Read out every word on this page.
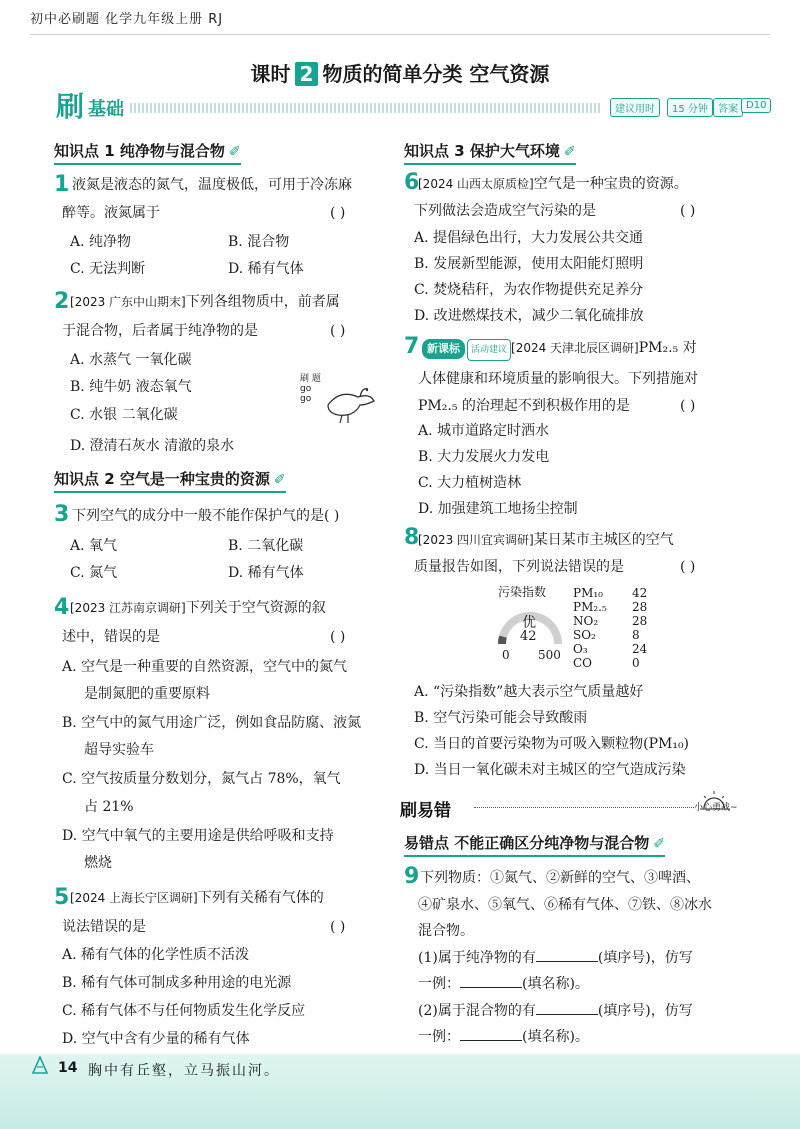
初中必刷题 化学九年级上册 RJ
课时 2 物质的简单分类 空气资源
刷 基础	建议用时	15 分钟	答案 D10
知识点 1 纯净物与混合物 ✐
1 液氮是液态的氮气，温度极低，可用于冷冻麻
醉等。液氮属于	( )
A. 纯净物	B. 混合物
C. 无法判断	D. 稀有气体
2 [2023 广东中山期末]下列各组物质中，前者属
于混合物，后者属于纯净物的是	( )
A. 水蒸气 一氧化碳
B. 纯牛奶 液态氧气
C. 水银 二氧化碳
D. 澄清石灰水 清澈的泉水
刷 题 go go
知识点 2 空气是一种宝贵的资源 ✐
3 下列空气的成分中一般不能作保护气的是( )
A. 氧气	B. 二氧化碳
C. 氮气	D. 稀有气体
4 [2023 江苏南京调研]下列关于空气资源的叙
述中，错误的是	( )
A. 空气是一种重要的自然资源，空气中的氮气
是制氮肥的重要原料
B. 空气中的氮气用途广泛，例如食品防腐、液氮
超导实验车
C. 空气按质量分数划分，氮气占 78%，氧气
占 21%
D. 空气中氧气的主要用途是供给呼吸和支持
燃烧
5 [2024 上海长宁区调研]下列有关稀有气体的
说法错误的是	( )
A. 稀有气体的化学性质不活泼
B. 稀有气体可制成多种用途的电光源
C. 稀有气体不与任何物质发生化学反应
D. 空气中含有少量的稀有气体
知识点 3 保护大气环境 ✐
6
[2024 山西太原质检]空气是一种宝贵的资源。
下列做法会造成空气污染的是	( )
A. 提倡绿色出行，大力发展公共交通
B. 发展新型能源，使用太阳能灯照明
C. 焚烧秸秆，为农作物提供充足养分
D. 改进燃煤技术，减少二氧化硫排放
7 新课标 活动建议 [2024 天津北辰区调研]PM₂.₅ 对
人体健康和环境质量的影响很大。下列措施对
PM₂.₅ 的治理起不到积极作用的是	( )
A. 城市道路定时洒水
B. 大力发展火力发电
C. 大力植树造林
D. 加强建筑工地扬尘控制
8
[2023 四川宜宾调研]某日某市主城区的空气
质量报告如图，下列说法错误的是	( )
污染指数
优
42
0 500
PM₁₀ 42
PM₂.₅ 28
NO₂	28
SO₂	8
O₃	24
CO	0
A. “污染指数”越大表示空气质量越好
B. 空气污染可能会导致酸雨
C. 当日的首要污染物为可吸入颗粒物(PM₁₀)
D. 当日一氧化碳未对主城区的空气造成污染
刷易错	小心勇战~
易错点 不能正确区分纯净物与混合物 ✐
9 下列物质：①氮气、②新鲜的空气、③啤酒、
④矿泉水、⑤氧气、⑥稀有气体、⑦铁、⑧冰水
混合物。
(1)属于纯净物的有	(填序号)，仿写
一例：	(填名称)。
(2)属于混合物的有	(填序号)，仿写
一例：	(填名称)。
14 胸中有丘壑，立马振山河。
